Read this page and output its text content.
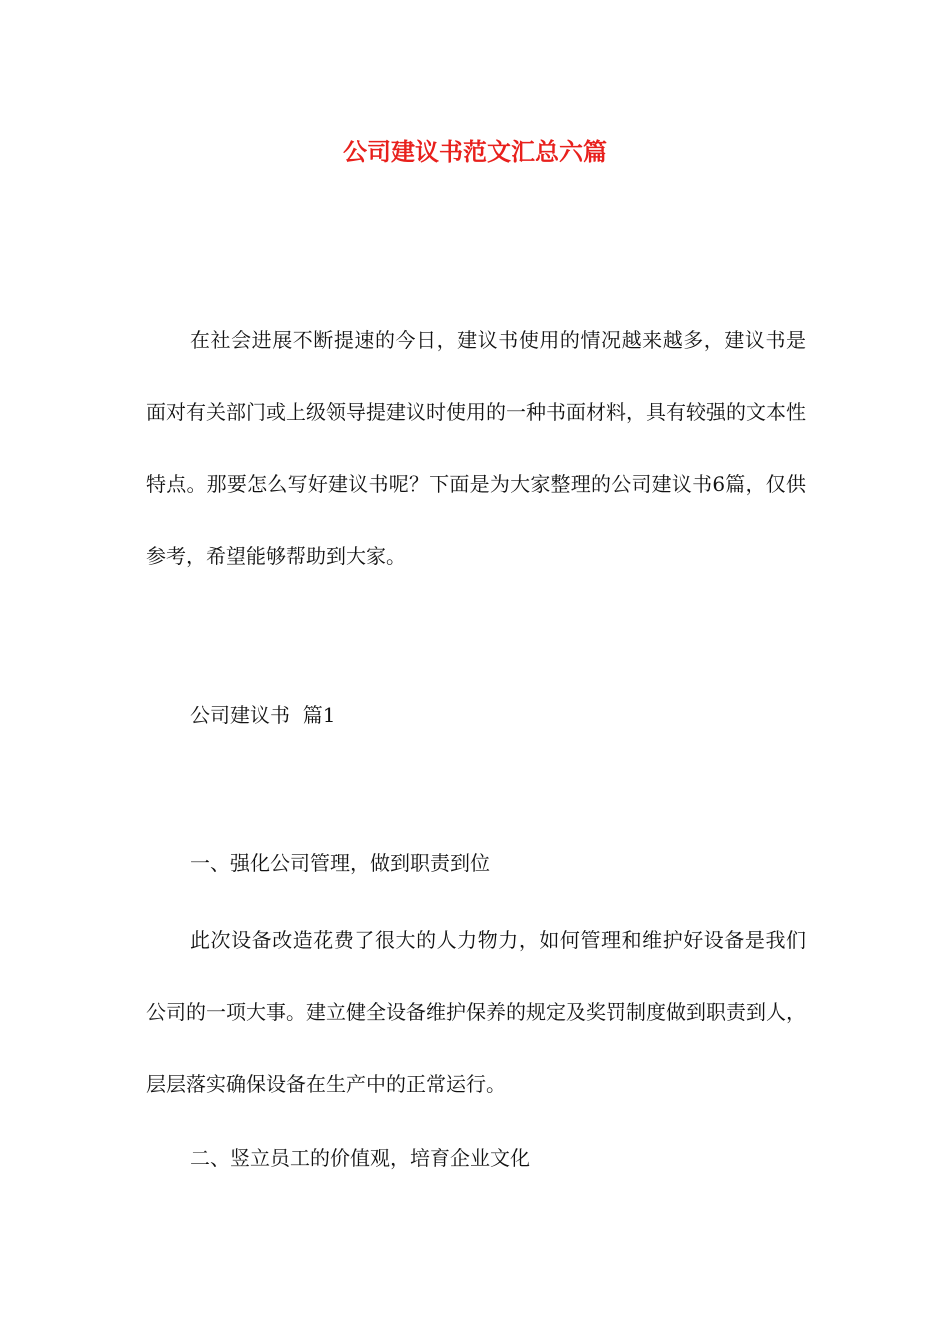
公司建议书范文汇总六篇

在社会进展不断提速的今日，建议书使用的情况越来越多，建议书是面对有关部门或上级领导提建议时使用的一种书面材料，具有较强的文本性特点。那要怎么写好建议书呢？下面是为大家整理的公司建议书6篇，仅供参考，希望能够帮助到大家。

公司建议书  篇1

一、强化公司管理，做到职责到位

此次设备改造花费了很大的人力物力，如何管理和维护好设备是我们公司的一项大事。建立健全设备维护保养的规定及奖罚制度做到职责到人，层层落实确保设备在生产中的正常运行。

二、竖立员工的价值观，培育企业文化
